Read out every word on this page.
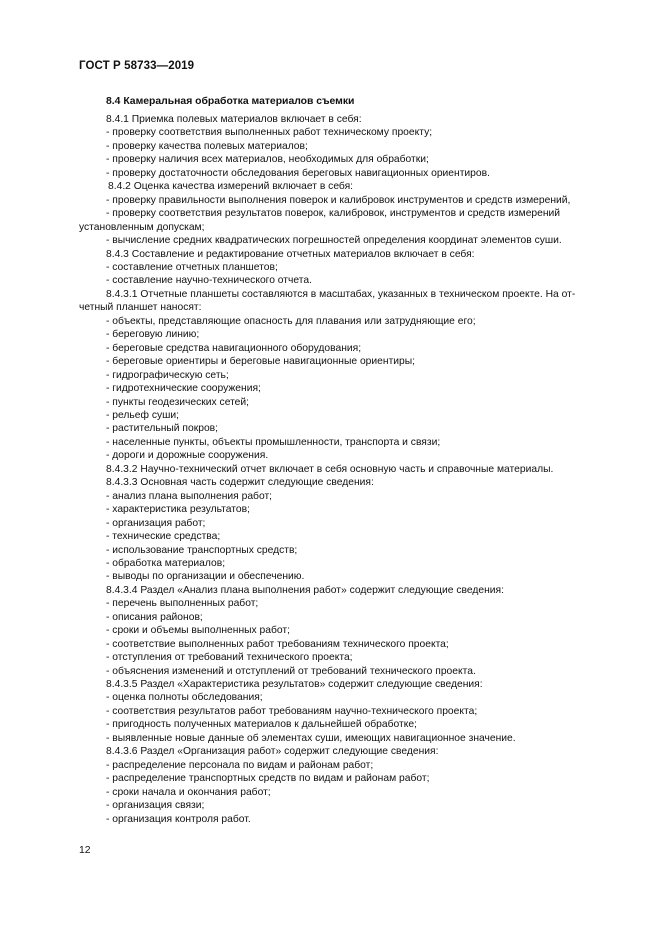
ГОСТ Р 58733—2019
8.4 Камеральная обработка материалов съемки
8.4.1 Приемка полевых материалов включает в себя:
- проверку соответствия выполненных работ техническому проекту;
- проверку качества полевых материалов;
- проверку наличия всех материалов, необходимых для обработки;
- проверку достаточности обследования береговых навигационных ориентиров.
8.4.2 Оценка качества измерений включает в себя:
- проверку правильности выполнения поверок и калибровок инструментов и средств измерений,
- проверку соответствия результатов поверок, калибровок, инструментов и средств измерений
установленным допускам;
- вычисление средних квадратических погрешностей определения координат элементов суши.
8.4.3 Составление и редактирование отчетных материалов включает в себя:
- составление отчетных планшетов;
- составление научно-технического отчета.
8.4.3.1 Отчетные планшеты составляются в масштабах, указанных в техническом проекте. На от-
четный планшет наносят:
- объекты, представляющие опасность для плавания или затрудняющие его;
- береговую линию;
- береговые средства навигационного оборудования;
- береговые ориентиры и береговые навигационные ориентиры;
- гидрографическую сеть;
- гидротехнические сооружения;
- пункты геодезических сетей;
- рельеф суши;
- растительный покров;
- населенные пункты, объекты промышленности, транспорта и связи;
- дороги и дорожные сооружения.
8.4.3.2 Научно-технический отчет включает в себя основную часть и справочные материалы.
8.4.3.3 Основная часть содержит следующие сведения:
- анализ плана выполнения работ;
- характеристика результатов;
- организация работ;
- технические средства;
- использование транспортных средств;
- обработка материалов;
- выводы по организации и обеспечению.
8.4.3.4 Раздел «Анализ плана выполнения работ» содержит следующие сведения:
- перечень выполненных работ;
- описания районов;
- сроки и объемы выполненных работ;
- соответствие выполненных работ требованиям технического проекта;
- отступления от требований технического проекта;
- объяснения изменений и отступлений от требований технического проекта.
8.4.3.5 Раздел «Характеристика результатов» содержит следующие сведения:
- оценка полноты обследования;
- соответствия результатов работ требованиям научно-технического проекта;
- пригодность полученных материалов к дальнейшей обработке;
- выявленные новые данные об элементах суши, имеющих навигационное значение.
8.4.3.6 Раздел «Организация работ» содержит следующие сведения:
- распределение персонала по видам и районам работ;
- распределение транспортных средств по видам и районам работ;
- сроки начала и окончания работ;
- организация связи;
- организация контроля работ.
12
